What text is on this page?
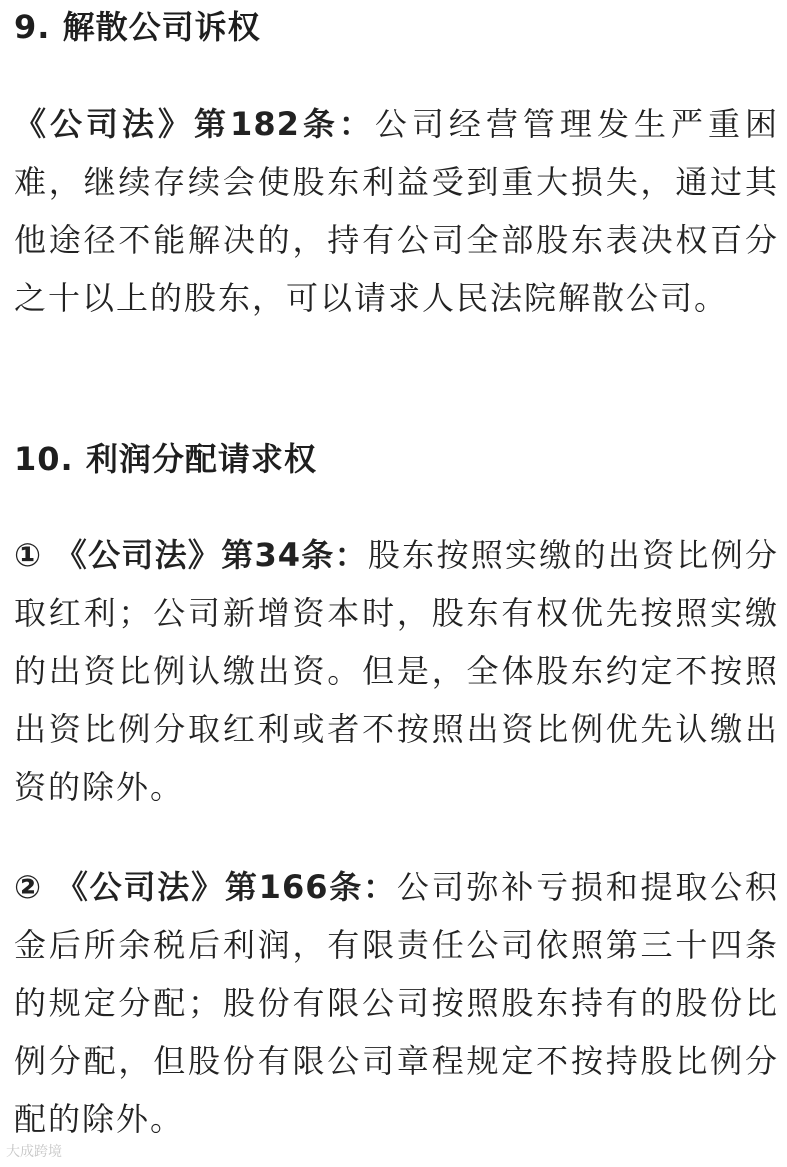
9. 解散公司诉权
《公司法》第182条：公司经营管理发生严重困难，继续存续会使股东利益受到重大损失，通过其他途径不能解决的，持有公司全部股东表决权百分之十以上的股东，可以请求人民法院解散公司。
10. 利润分配请求权
① 《公司法》第34条：股东按照实缴的出资比例分取红利；公司新增资本时，股东有权优先按照实缴的出资比例认缴出资。但是，全体股东约定不按照出资比例分取红利或者不按照出资比例优先认缴出资的除外。
② 《公司法》第166条：公司弥补亏损和提取公积金后所余税后利润，有限责任公司依照第三十四条的规定分配；股份有限公司按照股东持有的股份比例分配，但股份有限公司章程规定不按持股比例分配的除外。
大成跨境
